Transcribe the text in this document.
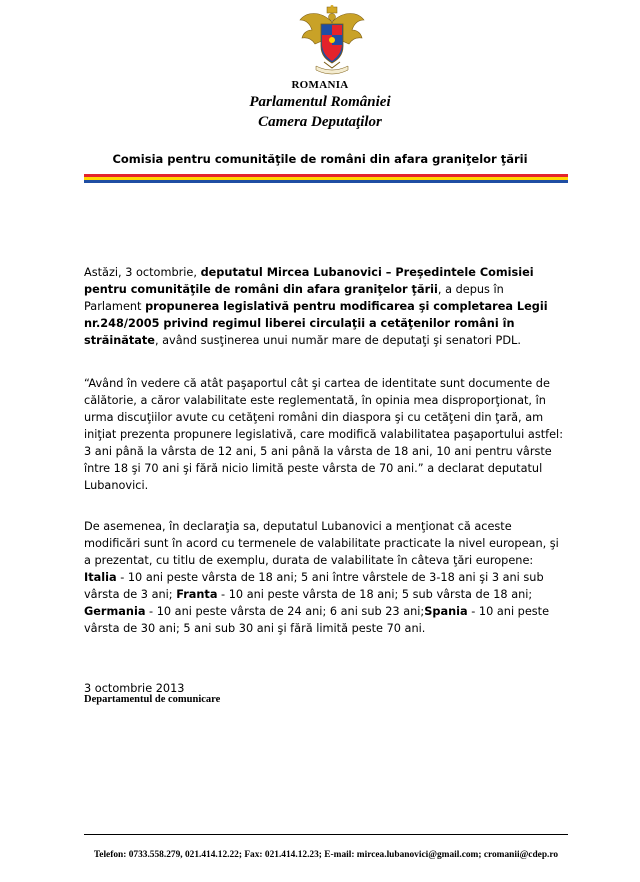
ROMANIA
Parlamentul României
Camera Deputaţilor
Comisia pentru comunităţile de români din afara graniţelor ţării
Astăzi, 3 octombrie, deputatul Mircea Lubanovici – Preşedintele Comisiei pentru comunităţile de români din afara graniţelor ţării, a depus în Parlament propunerea legislativă pentru modificarea şi completarea Legii nr.248/2005 privind regimul liberei circulaţii a cetăţenilor români în străinătate, având susţinerea unui număr mare de deputaţi şi senatori PDL.
“Având în vedere că atât paşaportul cât şi cartea de identitate sunt documente de călătorie, a căror valabilitate este reglementată, în opinia mea disproporţionat, în urma discuţiilor avute cu cetăţeni români din diaspora şi cu cetăţeni din ţară, am iniţiat prezenta propunere legislativă, care modifică valabilitatea paşaportului astfel: 3 ani până la vârsta de 12 ani, 5 ani până la vârsta de 18 ani, 10 ani pentru vârste între 18 şi 70 ani şi fără nicio limită peste vârsta de 70 ani.” a declarat deputatul Lubanovici.
De asemenea, în declaraţia sa, deputatul Lubanovici a menţionat că aceste modificări sunt în acord cu termenele de valabilitate practicate la nivel european, şi a prezentat, cu titlu de exemplu, durata de valabilitate în câteva ţări europene: Italia - 10 ani peste vârsta de 18 ani; 5 ani între vârstele de 3-18 ani şi 3 ani sub vârsta de 3 ani; Franta - 10 ani peste vârsta de 18 ani; 5 sub vârsta de 18 ani; Germania - 10 ani peste vârsta de 24 ani; 6 ani sub 23 ani;Spania - 10 ani peste vârsta de 30 ani; 5 ani sub 30 ani şi fără limită peste 70 ani.
3 octombrie 2013
Departamentul de comunicare
Telefon: 0733.558.279, 021.414.12.22; Fax: 021.414.12.23; E-mail: mircea.lubanovici@gmail.com; cromanii@cdep.ro
